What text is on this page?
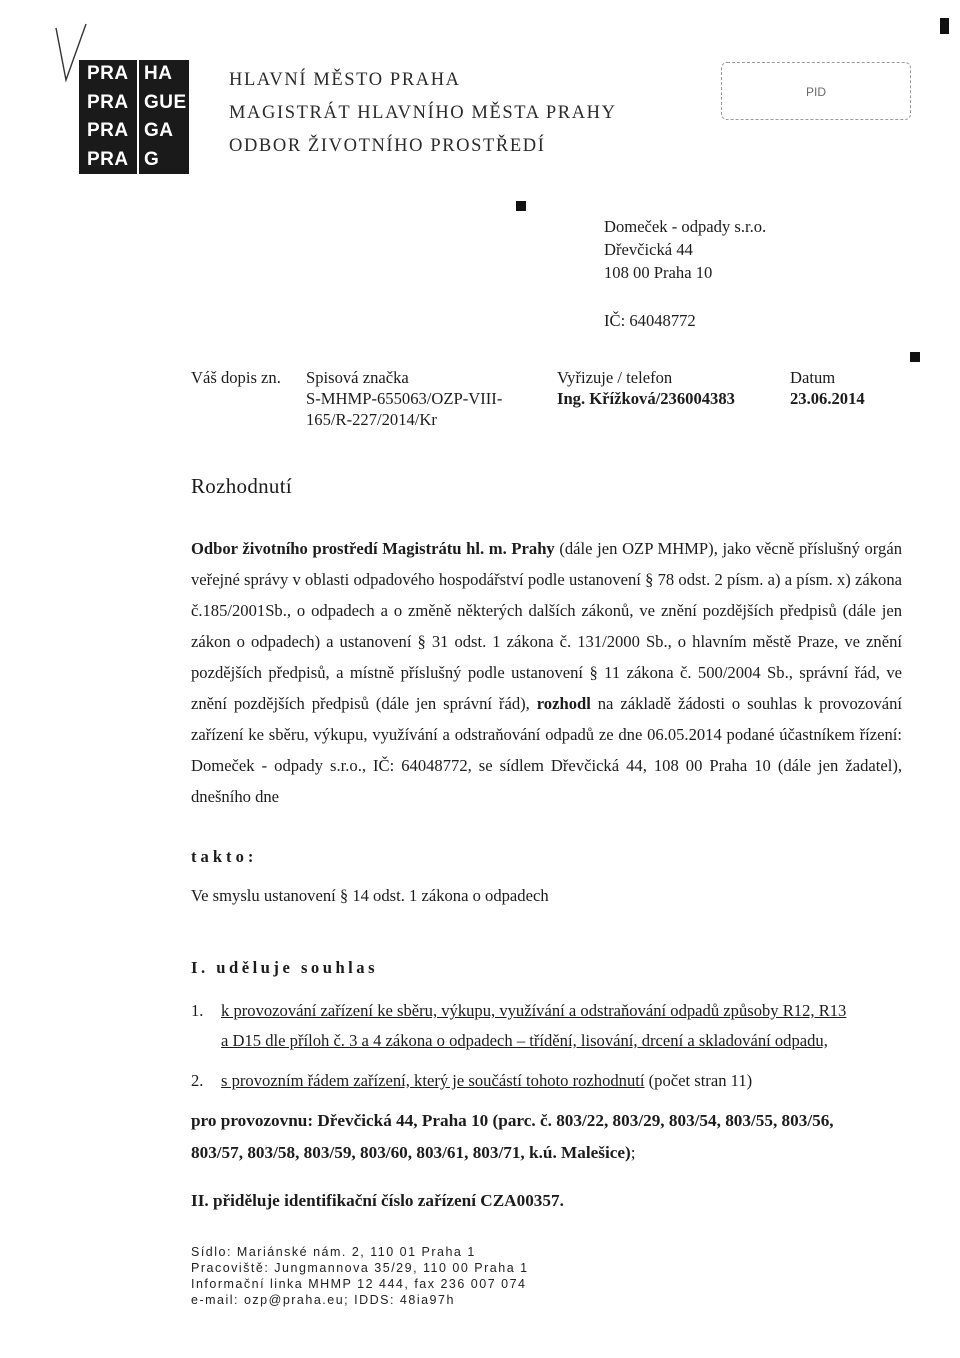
PRA HA
PRA GUE
PRA GA
PRA G
HLAVNÍ MĚSTO PRAHA
MAGISTRÁT HLAVNÍHO MĚSTA PRAHY
ODBOR ŽIVOTNÍHO PROSTŘEDÍ
PID
Domeček - odpady s.r.o.
Dřevčická 44
108 00 Praha 10
IČ: 64048772
Váš dopis zn. Spisová značka
S-MHMP-655063/OZP-VIII-
165/R-227/2014/Kr
Vyřizuje / telefon
Ing. Křížková/236004383
Datum
23.06.2014
Rozhodnutí
Odbor životního prostředí Magistrátu hl. m. Prahy (dále jen OZP MHMP), jako věcně příslušný orgán veřejné správy v oblasti odpadového hospodářství podle ustanovení § 78 odst. 2 písm. a) a písm. x) zákona č.185/2001Sb., o odpadech a o změně některých dalších zákonů, ve znění pozdějších předpisů (dále jen zákon o odpadech) a ustanovení § 31 odst. 1 zákona č. 131/2000 Sb., o hlavním městě Praze, ve znění pozdějších předpisů, a místně příslušný podle ustanovení § 11 zákona č. 500/2004 Sb., správní řád, ve znění pozdějších předpisů (dále jen správní řád), rozhodl na základě žádosti o souhlas k provozování zařízení ke sběru, výkupu, využívání a odstraňování odpadů ze dne 06.05.2014 podané účastníkem řízení: Domeček - odpady s.r.o., IČ: 64048772, se sídlem Dřevčická 44, 108 00 Praha 10 (dále jen žadatel), dnešního dne
takto:
Ve smyslu ustanovení § 14 odst. 1 zákona o odpadech
I. uděluje souhlas
1. k provozování zařízení ke sběru, výkupu, využívání a odstraňování odpadů způsoby R12, R13
a D15 dle příloh č. 3 a 4 zákona o odpadech – třídění, lisování, drcení a skladování odpadu,
2. s provozním řádem zařízení, který je součástí tohoto rozhodnutí (počet stran 11)
pro provozovnu: Dřevčická 44, Praha 10 (parc. č. 803/22, 803/29, 803/54, 803/55, 803/56,
803/57, 803/58, 803/59, 803/60, 803/61, 803/71, k.ú. Malešice);
II. přiděluje identifikační číslo zařízení CZA00357.
Sídlo: Mariánské nám. 2, 110 01 Praha 1
Pracoviště: Jungmannova 35/29, 110 00 Praha 1
Informační linka MHMP 12 444, fax 236 007 074
e-mail: ozp@praha.eu; IDDS: 48ia97h
